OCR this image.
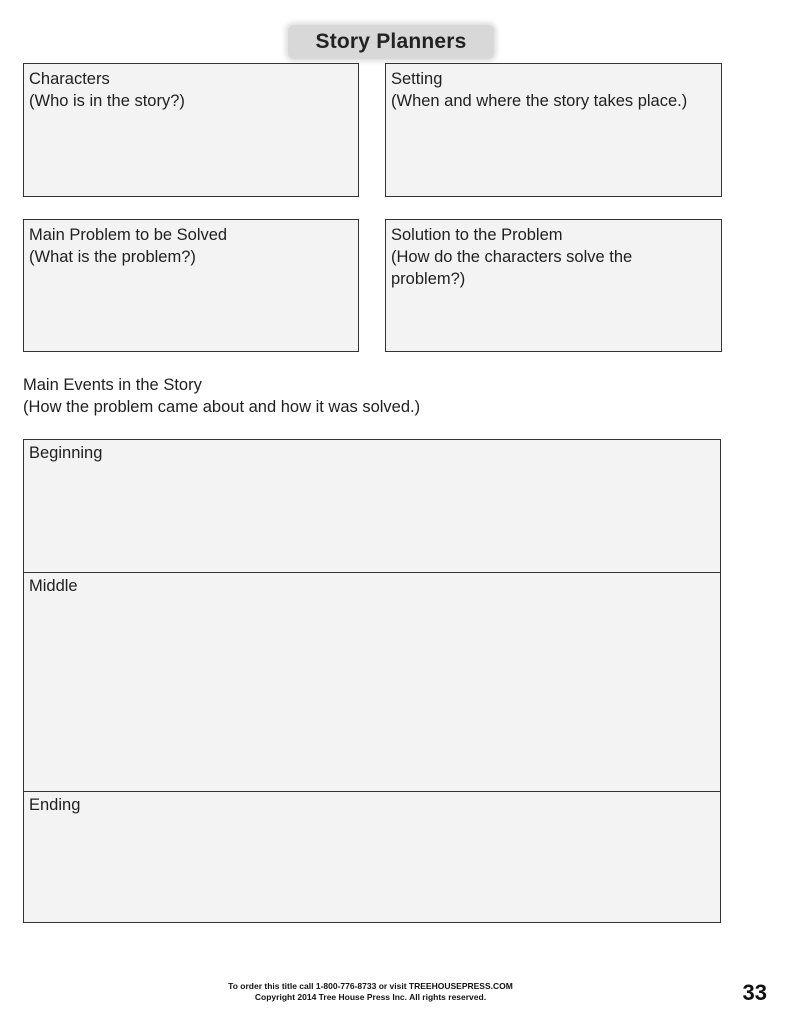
Story Planners
Characters
(Who is in the story?)
Setting
(When and where the story takes place.)
Main Problem to be Solved
(What is the problem?)
Solution to the Problem
(How do the characters solve the problem?)
Main Events in the Story
(How the problem came about and how it was solved.)
Beginning
Middle
Ending
To order this title call 1-800-776-8733 or visit TREEHOUSEPRESS.COM
Copyright 2014 Tree House Press Inc. All rights reserved.	33
